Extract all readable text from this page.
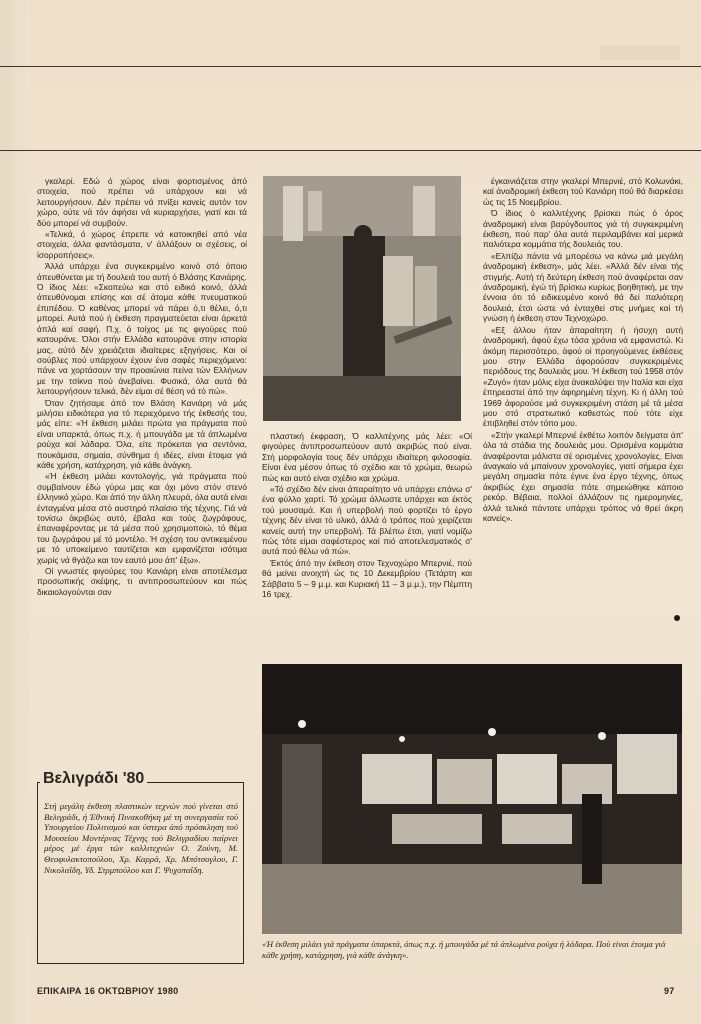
γκαλερί. Εδώ ό χώρος είναι φορτισμένος άπό στοιχεία, πού πρέπει νά υπάρχουν και νά λειτουργήσουν. Δέν πρέπει νά πνίξει κανείς αυτόν τον χώρο, ούτε νά τόν άφήσει νά κυριαρχήσει, γιατί και τά δύο μπορεί νά συμβούν.

«Τελικά, ό χώρος έπρεπε νά κατοικηθεί από νέα στοιχεία, άλλα φαντάσματα, ν' άλλάξουν οι σχέσεις, οί ίσορροπήσεις».

Άλλά υπάρχει ένα συγκεκριμένο κοινό στό όποιο άπευθύνεται με τή δουλειά του αυτή ό Βλάσης Κανιάρης. Ό ίδιος λέει: «Σκοπεύω και στό ειδικό κοινό, άλλά άπευθύνομαι επίσης και σέ άτομα κάθε πνευματικού έπιπέδου. Ό καθένας μπορεί νά πάρει ό,τι θέλει, ό,τι μπορεί. Αυτά πού ή έκθεση πραγματεύεται είναι άρκετά άπλά καί σαφή. Π.χ. ό τοίχος με τις φιγούρες πού κατουράνε. Όλοι στήν Ελλάδα κατουράνε στην ιστορία μας, αύτό δέν χρειάζεται ιδιαίτερες εξηγήσεις. Και οί σούβλες πού υπάρχουν έχουν ένα σαφές περιεχόμενο: πάνε να χορτάσουν την προαιώνια πείνα τών Ελλήνων με την τσίκνα πού άνεβαίνει. Φυσικά, όλα αυτά θά λειτουργήσουν τελικά, δέν είμαι σέ θέση νά τό πώ».

Όταν ζητήσαμε άπό τον Βλάση Κανιάρη νά μάς μιλήσει ειδικότερα για τό περιεχόμενο τής έκθεσής του, μάς είπε: «Ή έκθεση μιλάει πρώτα για πράγματα πού είναι υπαρκτά, όπως π.χ. ή μπουγάδα με τά άπλωμένα ρούχα καί λάδαρα. Όλα, είτε πρόκειται για σεντόνια, πουκάμισα, σημαία, σύνθημα ή ιδέες, είναι έτοιμα γιά κάθε χρήση, κατάχρηση, γιά κάθε άνάγκη.

«Ή έκθεση μιλάει κοντολογής, γιά πράγματα πού συμβαίνουν έδώ γύρω μας και όχι μόνο στόν στενό έλληνικό χώρο. Και άπό την άλλη πλευρά, όλα αυτά είναι ένταγμένα μέσα στό αυστηρό πλαίσιο τής τέχνης. Γιά νά τονίσω άκριβώς αυτό, έβαλα και τούς ζωγράφους, έπαναφέροντας με τά μέσα πού χρησιμοποιώ, τό θέμα του ζωγράφου μέ τό μοντέλο. Ή σχέση του αντικειμένου με τό υποκείμενο ταυτίζεται και εμφανίζεται ισότιμα χωρίς νά θγάζω και τον εαυτό μου άπ' έξω».

Οί γνωστές φιγούρες του Κανιάρη είναι αποτέλεσμα προσωπικής σκέψης, τι αντιπροσωπεύουν και πώς δικαιολογούνται σαν

πλαστική έκφραση, Ό καλλιτέχνης μάς λέει: «Οί φιγούρες άντιπροσωπεύουν αυτό ακριβώς πού είναι. Στή μορφολογία τους δέν υπάρχει ιδιαίτερη φιλοσοφία. Είναι ένα μέσον όπως τό σχέδιο και τό χρώμα, θεωρώ πώς και αυτό είναι σχέδιο και χρώμα.

«Τό σχέδιο δέν είναι άπαραίτητο νά υπάρχει επάνω σ' ένα φύλλο χαρτί. Τό χρώμα άλλωστε υπάρχει και έκτός τού μουσαμά. Και ή υπερβολή πού φορτίζει τό έργο τέχνης δέν είναι τό υλικό, άλλά ό τρόπος πού χειρίζεται κανείς αυτή την υπερβολή. Τά βλέπω έτσι, γιατί νομίζω πώς τότε είμαι σαφέστερος καί πιό αποτελεσματικός σ' αυτά πού θέλω νά πώ».

Έκτός άπό την έκθεση στον Τεχνοχώρο Μπερνιέ, πού θά μείνει ανοιχτή ώς τις 10 Δεκεμβρίου (Τετάρτη και Σάββατο 5 – 9 μ.μ. και Κυριακή 11 – 3 μ.μ.), την Πέμπτη 16 τρεχ.

έγκαινιάζεται στην γκαλερί Μπερνιέ, στό Κολωνάκι, καί άναδρομική έκθεση τού Κανιάρη πού θά διαρκέσει ώς τις 15 Νοεμβρίου.

Ό ίδιος ό καλλιτέχνης βρίσκει πώς ό όρος άναδρομική είναι βαρύγδουπος γιά τή συγκεκριμένη έκθεση, πού παρ' όλα αυτά περιλαμβάνει καί μερικά παλιότερα κομμάτια τής δουλειάς του.

«Ελπίζω πάντα νά μπορέσω να κάνω μιά μεγάλη άναδρομική έκθεση», μάς λέει. «Άλλά δέν είναι τής στιγμής. Αυτή τή δεύτερη έκθεση πού άναφέρεται σαν άναδρομική, έγώ τή βρίσκω κυρίως βοηθητική, με την έννοια ότι τό ειδικευμένο κοινό θά δεί παλιότερη δουλειά, έτσι ώστε νά ένταχθεί στις μνήμες καί τή γνώση ή έκθεση στον Τεχνοχώρο.

«Εξ άλλου ήταν άπαραίτητη ή ήσυχη αυτή άναδρομική, άφού έχω τόσα χρόνια νά εμφανιστώ. Κι άκόμη περισσότερο, άφού οί προηγούμενες έκθέσεις μου στην Ελλάδα άφορούσαν συγκεκριμένες περιόδους της δουλειάς μου. Ή έκθεση τού 1958 στόν «Ζυγό» ήταν μόλις είχα άνακαλύψει την Ιταλία και είχα έπηρεαστεί άπό την άφηρημένη τέχνη. Κι ή άλλη τού 1969 άφορούσε μιά συγκεκριμένη στάση μέ τά μέσα μου στό στρατιωτικό καθεστώς πού τότε είχε έπιβληθεί στόν τόπο μου.

«Στήν γκαλερί Μπερνιέ έκθέτω λοιπόν δείγματα άπ' όλα τά στάδια της δουλειάς μου. Ορισμένα κομμάτια άναφέρονται μάλιστα σέ ορισμένες χρονολογίες. Είναι άναγκαίο νά μπαίνουν χρονολογίες, γιατί σήμερα έχει μεγάλη σημασία πότε έγινε ένα έργο τέχνης, όπως άκριβώς έχει σημασία πότε σημειώθηκε κάποιο ρεκόρ. Βέβαια, πολλοί άλλάζουν τις ημερομηνίες, άλλά τελικά πάντοτε υπάρχει τρόπος νά θρεί άκρη κανείς».

«Ή έκθεση μιλάει γιά πράγματα ύπαρκτά, όπως π.χ. ή μπουγάδα μέ τά άπλωμένα ρούχα ή λάδαρα. Πού είναι έτοιμα γιά κάθε χρήση, κατάχρηση, γιά κάθε άνάγκη».
Βελιγράδι '80
Στή μεγάλη έκθεση πλαστικών τεχνών πού γίνεται στό Βελιγράδι, ή Έθνική Πινακοθήκη μέ τη συνεργασία τού Υπουργείου Πολιτισμού και ύστερα άπό πρόσκληση τού Μουσείου Μοντέρνας Τέχνης τού Βελιγραδίου παίρνει μέρος μέ έργα τών καλλιτεχνών Ο. Ζούνη, Μ. Θεοφυλακτοπούλου, Χρ. Καρρά, Χρ. Μπότσογλου, Γ. Νικολαΐδη, Υδ. Στρμπούλου και Γ. Ψυχοπαΐδη.
ΕΠΙΚΑΙΡΑ 16 ΟΚΤΩΒΡΙΟΥ 1980	97
